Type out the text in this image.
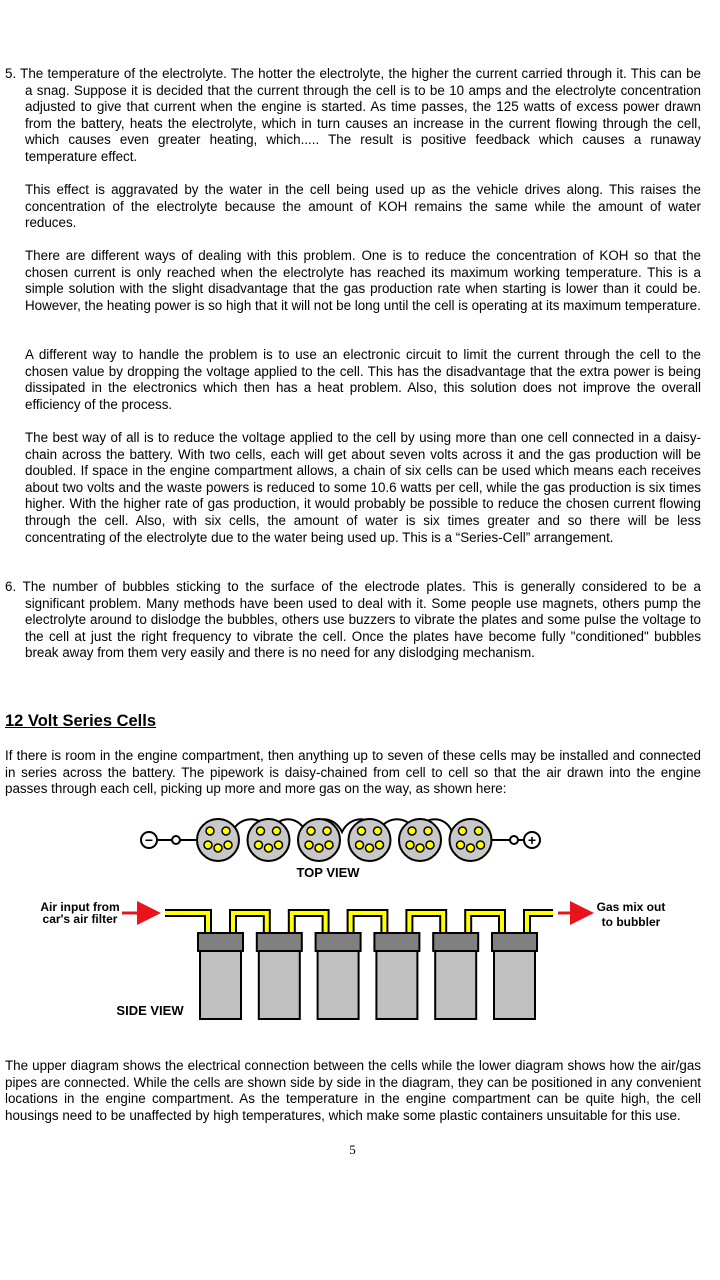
5. The temperature of the electrolyte. The hotter the electrolyte, the higher the current carried through it. This can be a snag. Suppose it is decided that the current through the cell is to be 10 amps and the electrolyte concentration adjusted to give that current when the engine is started. As time passes, the 125 watts of excess power drawn from the battery, heats the electrolyte, which in turn causes an increase in the current flowing through the cell, which causes even greater heating, which..... The result is positive feedback which causes a runaway temperature effect.

This effect is aggravated by the water in the cell being used up as the vehicle drives along. This raises the concentration of the electrolyte because the amount of KOH remains the same while the amount of water reduces.

There are different ways of dealing with this problem. One is to reduce the concentration of KOH so that the chosen current is only reached when the electrolyte has reached its maximum working temperature. This is a simple solution with the slight disadvantage that the gas production rate when starting is lower than it could be. However, the heating power is so high that it will not be long until the cell is operating at its maximum temperature.

A different way to handle the problem is to use an electronic circuit to limit the current through the cell to the chosen value by dropping the voltage applied to the cell. This has the disadvantage that the extra power is being dissipated in the electronics which then has a heat problem. Also, this solution does not improve the overall efficiency of the process.

The best way of all is to reduce the voltage applied to the cell by using more than one cell connected in a daisy-chain across the battery. With two cells, each will get about seven volts across it and the gas production will be doubled. If space in the engine compartment allows, a chain of six cells can be used which means each receives about two volts and the waste powers is reduced to some 10.6 watts per cell, while the gas production is six times higher. With the higher rate of gas production, it would probably be possible to reduce the chosen current flowing through the cell. Also, with six cells, the amount of water is six times greater and so there will be less concentrating of the electrolyte due to the water being used up. This is a “Series-Cell” arrangement.

6. The number of bubbles sticking to the surface of the electrode plates. This is generally considered to be a significant problem. Many methods have been used to deal with it. Some people use magnets, others pump the electrolyte around to dislodge the bubbles, others use buzzers to vibrate the plates and some pulse the voltage to the cell at just the right frequency to vibrate the cell. Once the plates have become fully "conditioned" bubbles break away from them very easily and there is no need for any dislodging mechanism.

12 Volt Series Cells

If there is room in the engine compartment, then anything up to seven of these cells may be installed and connected in series across the battery. The pipework is daisy-chained from cell to cell so that the air drawn into the engine passes through each cell, picking up more and more gas on the way, as shown here:

−	+
TOP VIEW
Air input from
car's air filter
Gas mix out
to bubbler
SIDE VIEW

The upper diagram shows the electrical connection between the cells while the lower diagram shows how the air/gas pipes are connected. While the cells are shown side by side in the diagram, they can be positioned in any convenient locations in the engine compartment. As the temperature in the engine compartment can be quite high, the cell housings need to be unaffected by high temperatures, which make some plastic containers unsuitable for this use.

5
